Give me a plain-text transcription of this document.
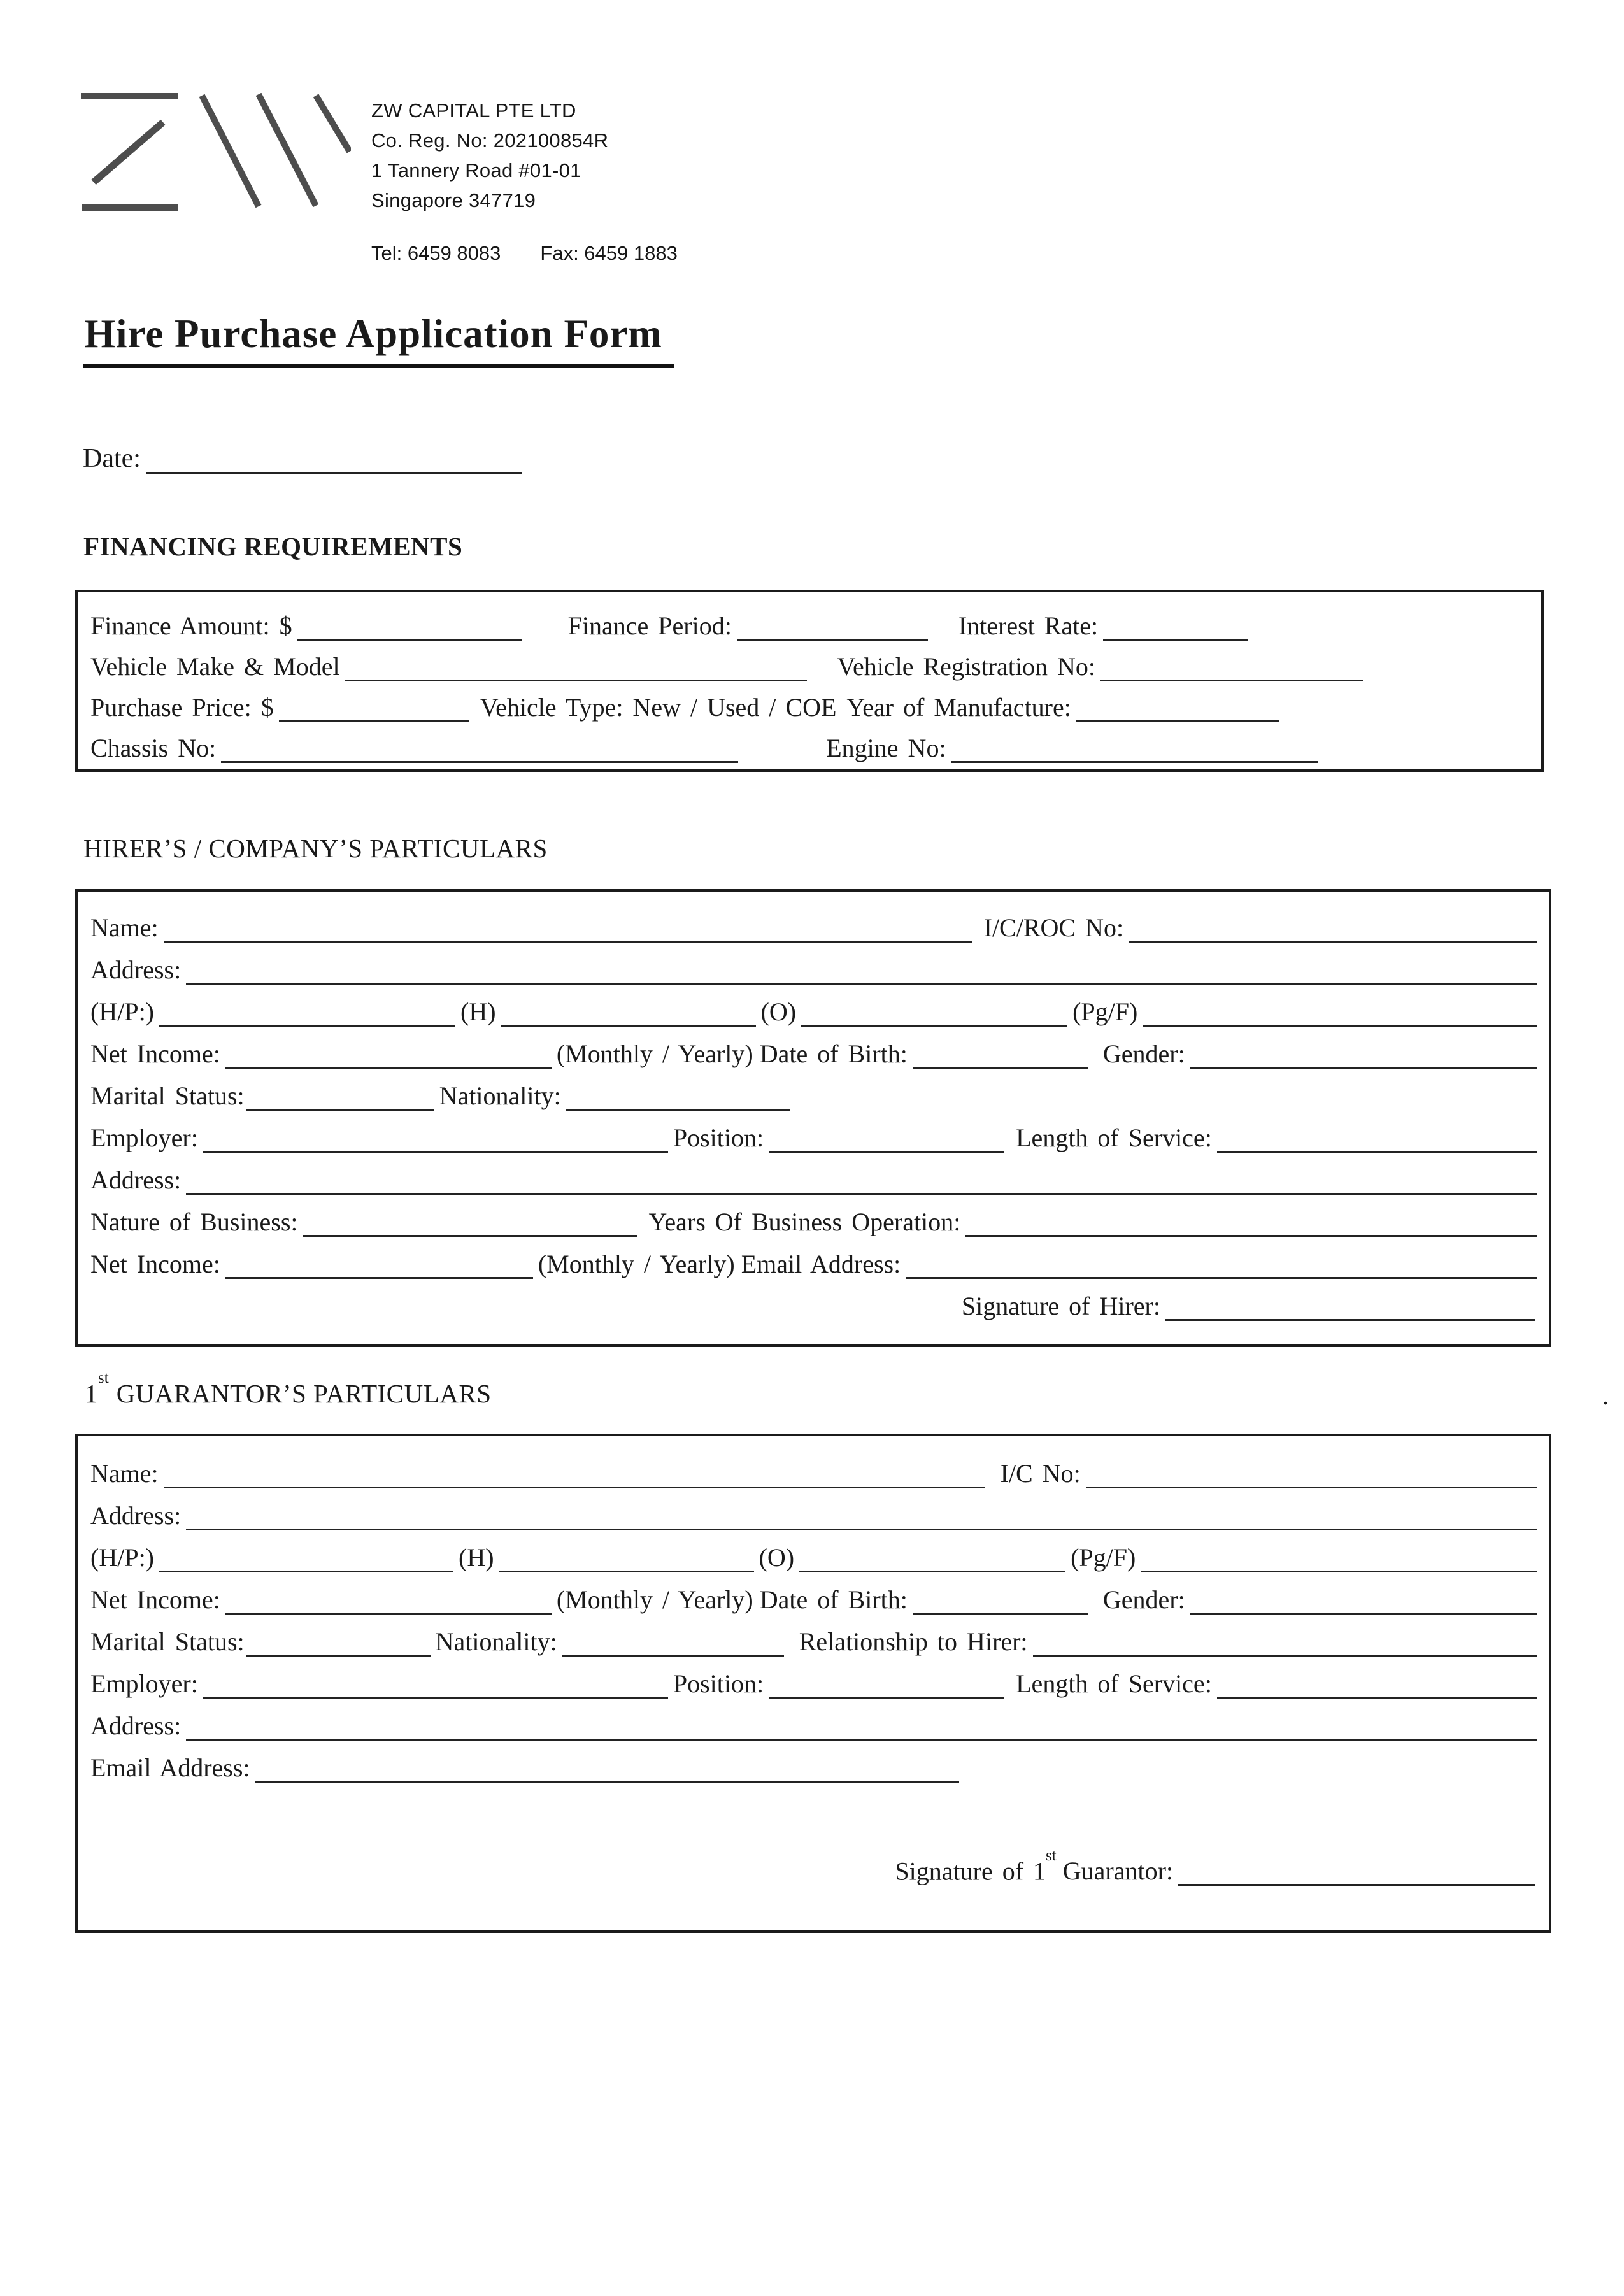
ZW CAPITAL PTE LTD
Co. Reg. No: 202100854R
1 Tannery Road #01-01
Singapore 347719
Tel: 6459 8083 Fax: 6459 1883
Hire Purchase Application Form
Date:
FINANCING REQUIREMENTS
Finance Amount: $	Finance Period:	Interest Rate:
Vehicle Make & Model	Vehicle Registration No:
Purchase Price: $	Vehicle Type: New / Used / COE Year of Manufacture:
Chassis No:	Engine No:
HIRER’S / COMPANY’S PARTICULARS
Name:	I/C/ROC No:
Address:
(H/P:)	(H)	(O)	(Pg/F)
Net Income:	(Monthly / Yearly) Date of Birth:	Gender:
Marital Status:	Nationality:
Employer:	Position:	Length of Service:
Address:
Nature of Business:	Years Of Business Operation:
Net Income:	(Monthly / Yearly) Email Address:
Signature of Hirer:
1stGUARANTOR’S PARTICULARS	.
Name:	I/C No:
Address:
(H/P:)	(H)	(O)	(Pg/F)
Net Income:	(Monthly / Yearly) Date of Birth:	Gender:
Marital Status:	Nationality:	Relationship to Hirer:
Employer:	Position:	Length of Service:
Address:
Email Address:
Signature of 1stGuarantor:
